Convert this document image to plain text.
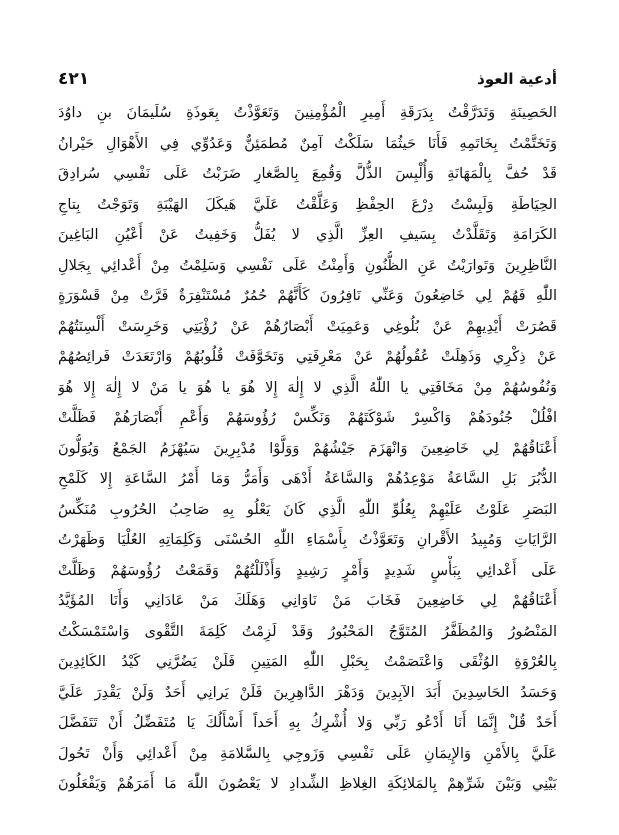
٤٢١	أدعية العوذ
الحَصِينَةِ وَتَدَرَّقْتُ بِدَرَقَةِ أَمِيرِ الْمُؤْمِنِينَ وَتَعَوَّذْتُ بِعَوذَةِ سُلَيمَانَ بنِ داوُدَ
وَتَخَتَّمْتُ بِخَاتَمِهِ فَأَنَا حَيثُمَا سَلَكْتُ آمِنٌ مُطمَئِنٌّ وَعَدُوِّي فِي الأَهْوَالِ حَيْرانُ
قَدْ حُفَّ بِالْمَهَانَةِ وَأُلْبِسَ الذُّلَّ وَقُمِعَ بِالصَّغارِ ضَرَبْتُ عَلَى نَفْسِي سُرادِقَ
الحِيَاطَةِ وَلَبِسْتُ دِرْعَ الحِفْظِ وَعَلَّقْتُ عَلَيَّ هَيكَلَ الهَيْبَةِ وَتَوَجْتُ بِتاجِ
الكَرَامَةِ وَتَقَلَّدْتُ بِسَيفِ العِزِّ الَّذِي لا يُفَلُّ وَخَفِيتُ عَنْ أَعْيُنِ البَاغِينَ
النَّاظِرِينَ وَتَوارَيْتُ عَنِ الظُّنُونِ وَأَمِنْتُ عَلَى نَفْسِي وَسَلِمْتُ مِنْ أَعْدائِي بِجَلالِ
اللّٰهِ فَهُمْ لِي خَاضِعُونَ وَعَنِّي نَافِرُونَ كَأَنَّهُمْ حُمُرٌ مُسْتَنْفِرَةٌ فَرَّتْ مِنْ قَسْوَرَةٍ
قَصُرَتْ أَيْدِيهِمْ عَنْ بُلُوغِي وَعَمِيَتْ أَبْصَارُهُمْ عَنْ رُؤْيَتِي وَخَرِسَتْ أَلْسِنَتُهُمْ
عَنْ ذِكْرِي وَذَهِلَتْ عُقُولُهُمْ عَنْ مَعْرِفَتِي وَتَخَوَّفَتْ قُلُوبُهُمْ وَارْتَعَدَتْ فَرائِصُهُمْ
وَنُفُوسُهُمْ مِنْ مَخَافَتِي يا اللّٰهُ الَّذِي لا إِلٰهَ إِلا هُوَ يا هُوَ يا مَنْ لا إِلٰهَ إِلا هُوَ
افْلُلْ جُنُودَهُمْ وَاكْسِرْ شَوْكَتَهُمْ وَنَكِّسْ رُؤُوسَهُمْ وَأَعْمِ أَبْصَارَهُمْ فَظَلَّتْ
أَعْنَاقُهُمْ لِي خَاضِعِينَ وَانْهَزَمَ جَيْشُهُمْ وَوَلَّوْا مُدْبِرِينَ سَيُهْزَمُ الجَمْعُ وَيُوَلُّونَ
الدُّبُرَ بَلِ السَّاعَةُ مَوْعِدُهُمْ وَالسَّاعَةُ أَدْهَى وَأَمَرُّ وَمَا أَمْرُ السَّاعَةِ إِلا كَلَمْحِ
البَصَرِ عَلَوْتُ عَلَيْهِمْ بِعُلُوِّ اللّٰهِ الَّذِي كَانَ يَعْلُو بِهِ صَاحِبُ الحُرُوبِ مُنَكِّسُ
الرَّايَاتِ وَمُبِيدُ الأَقْرانِ وَتَعَوَّذْتُ بِأَسْمَاءِ اللّٰهِ الحُسْنَى وَكَلِمَاتِهِ العُلْيَا وَظَهَرْتُ
عَلَى أَعْدائِي بِبَأْسٍ شَدِيدٍ وَأَمْرٍ رَشِيدٍ وَأَذْلَلْتُهُمْ وَقَمَعْتُ رُؤُوسَهُمْ وَظَلَّتْ
أَعْنَاقُهُمْ لِي خَاضِعِينَ فَخَابَ مَنْ نَاوَانِي وَهَلَكَ مَنْ عَادَانِي وَأَنَا المُؤَيَّدُ
المَنْصُورُ وَالمُظَفَّرُ المُتَوَّجُ المَحْبُورُ وَقَدْ لَزِمْتُ كَلِمَةَ التَّقْوى وَاسْتَمْسَكْتُ
بِالعُرْوَةِ الوُثْقَى وَاعْتَصَمْتُ بِحَبْلِ اللّٰهِ المَتِينِ فَلَنْ يَضُرَّنِي كَيْدُ الكَائِدِينَ
وَحَسَدُ الحَاسِدِينَ أَبَدَ الآبِدِينَ وَدَهْرَ الدَّاهِرِينَ فَلَنْ يَرانِي أَحَدٌ وَلَنْ يَقْدِرَ عَلَيَّ
أَحَدٌ قُلْ إِنَّمَا أَنَا أَدْعُو رَبِّي وَلا أُشْرِكُ بِهِ أَحَداً أَسْأَلُكَ يَا مُتَفَضِّلُ أَنْ تَتَفَضَّلَ
عَلَيَّ بِالأَمْنِ وَالإِيمَانِ عَلَى نَفْسِي وَزَوجِي بِالسَّلامَةِ مِنْ أَعْدائِي وَأَنْ تَحُولَ
بَيْنِي وَبَيْنَ شَرِّهِمْ بِالمَلائِكَةِ الغِلاظِ الشِّدادِ لا يَعْصُونَ اللّٰهَ مَا أَمَرَهُمْ وَيَفْعَلُونَ
